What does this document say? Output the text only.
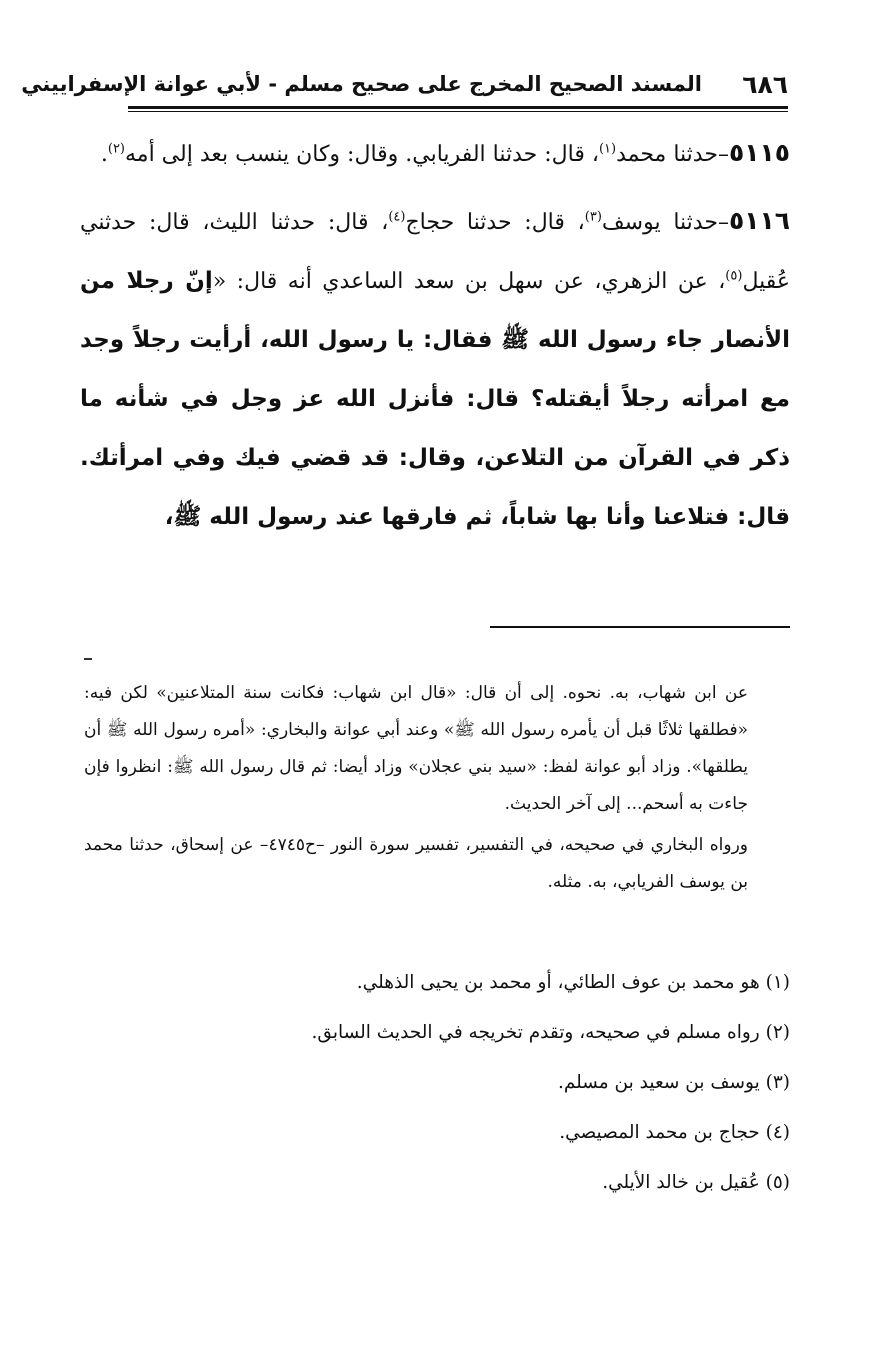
٦٨٦
المسند الصحيح المخرج على صحيح مسلم - لأبي عوانة الإسفراييني

٥١١٥–حدثنا محمد$^{(١)}$، قال: حدثنا الفريابي. وقال: وكان ينسب بعد إلى أمه$^{(٢)}$.

٥١١٦–حدثنا يوسف$^{(٣)}$، قال: حدثنا حجاج$^{(٤)}$، قال: حدثنا الليث، قال: حدثني عُقيل$^{(٥)}$، عن الزهري، عن سهل بن سعد الساعدي أنه قال: «إنّ رجلا من الأنصار جاء رسول الله ﷺ فقال: يا رسول الله، أرأيت رجلاً وجد مع امرأته رجلاً أيقتله؟ قال: فأنزل الله عز وجل في شأنه ما ذكر في القرآن من التلاعن، وقال: قد قضي فيك وفي امرأتك. قال: فتلاعنا وأنا بها شاباً، ثم فارقها عند رسول الله ﷺ،

عن ابن شهاب، به. نحوه. إلى أن قال: «قال ابن شهاب: فكانت سنة المتلاعنين» لكن فيه: «فطلقها ثلاثًا قبل أن يأمره رسول الله ﷺ» وعند أبي عوانة والبخاري: «أمره رسول الله ﷺ أن يطلقها». وزاد أبو عوانة لفظ: «سيد بني عجلان» وزاد أيضا: ثم قال رسول الله ﷺ: انظروا فإن جاءت به أسحم... إلى آخر الحديث.

ورواه البخاري في صحيحه، في التفسير، تفسير سورة النور –ح٤٧٤٥– عن إسحاق، حدثنا محمد بن يوسف الفريابي، به. مثله.

(١) هو محمد بن عوف الطائي، أو محمد بن يحيى الذهلي.
(٢) رواه مسلم في صحيحه، وتقدم تخريجه في الحديث السابق.
(٣) يوسف بن سعيد بن مسلم.
(٤) حجاج بن محمد المصيصي.
(٥) عُقيل بن خالد الأيلي.
